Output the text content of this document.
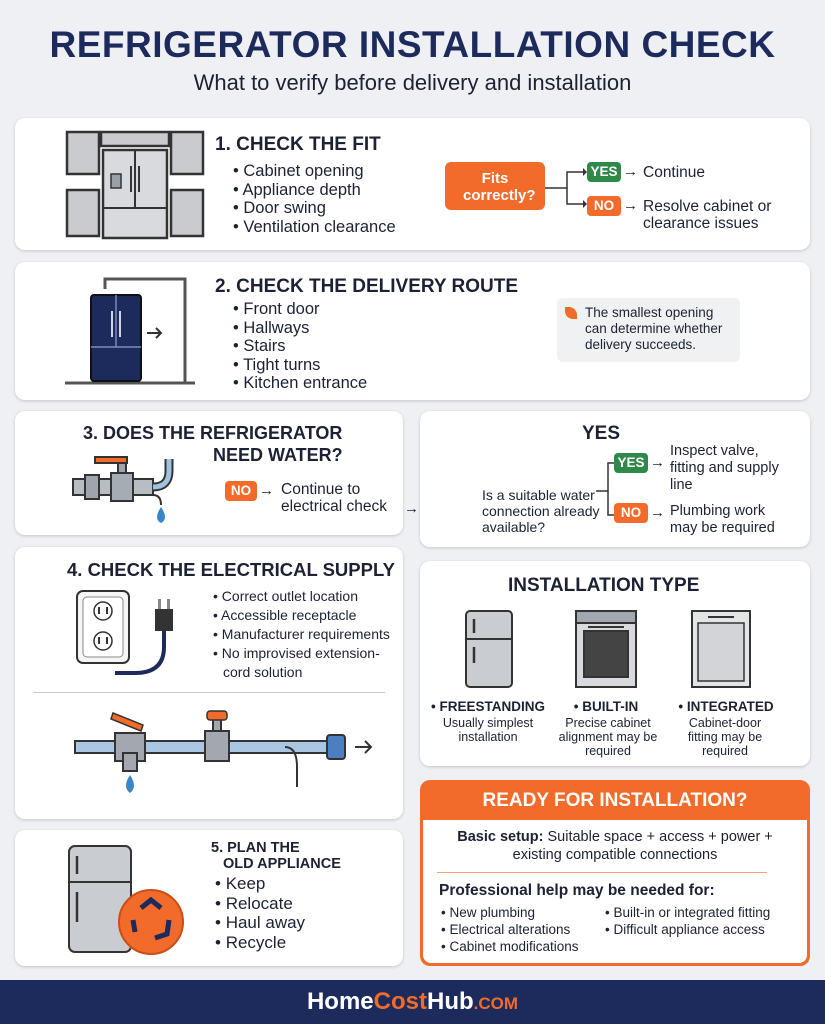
REFRIGERATOR INSTALLATION CHECK
What to verify before delivery and installation
1. CHECK THE FIT
• Cabinet opening
• Appliance depth
• Door swing
• Ventilation clearance
Fits correctly?
YES → Continue
NO → Resolve cabinet or clearance issues
2. CHECK THE DELIVERY ROUTE
• Front door
• Hallways
• Stairs
• Tight turns
• Kitchen entrance
The smallest opening can determine whether delivery succeeds.
3. DOES THE REFRIGERATOR
NEED WATER?
NO → Continue to electrical check	→
YES
Is a suitable water connection already available?
YES →
Inspect valve, fitting and supply line
NO → Plumbing work may be required
4. CHECK THE ELECTRICAL SUPPLY
• Correct outlet location
• Accessible receptacle
• Manufacturer requirements
• No improvised extension-cord solution
INSTALLATION TYPE
• FREESTANDING
Usually simplest installation
• BUILT-IN
Precise cabinet alignment may be required
• INTEGRATED
Cabinet-door fitting may be required
5. PLAN THE
OLD APPLIANCE
• Keep
• Relocate
• Haul away
• Recycle
READY FOR INSTALLATION?
Basic setup: Suitable space + access + power + existing compatible connections
Professional help may be needed for:
• New plumbing
• Electrical alterations
• Cabinet modifications
• Built-in or integrated fitting
• Difficult appliance access
HomeCostHub.COM
